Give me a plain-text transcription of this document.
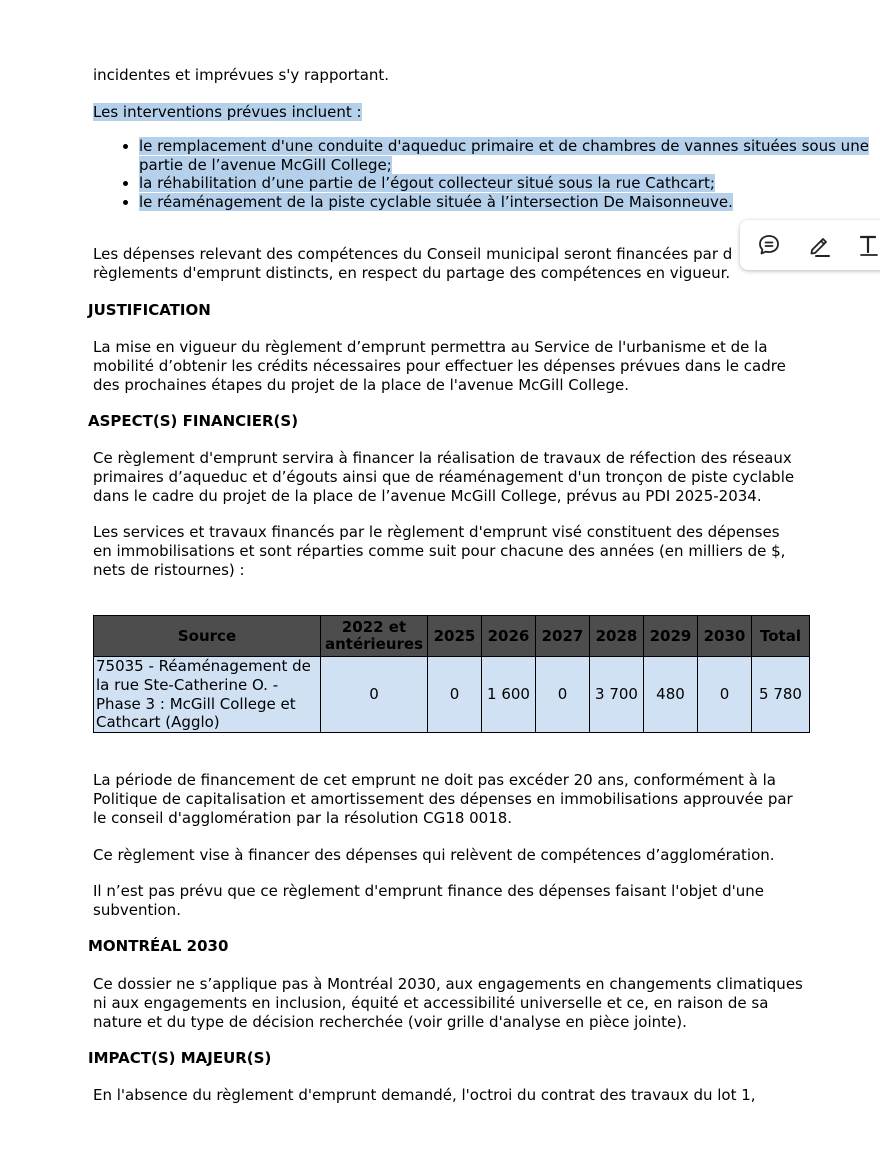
incidentes et imprévues s'y rapportant.

Les interventions prévues incluent :

• le remplacement d'une conduite d'aqueduc primaire et de chambres de vannes situées sous une partie de l’avenue McGill College;
• la réhabilitation d’une partie de l’égout collecteur situé sous la rue Cathcart;
• le réaménagement de la piste cyclable située à l’intersection De Maisonneuve.

Les dépenses relevant des compétences du Conseil municipal seront financées par d

règlements d'emprunt distincts, en respect du partage des compétences en vigueur.

JUSTIFICATION

La mise en vigueur du règlement d’emprunt permettra au Service de l'urbanisme et de la

mobilité d’obtenir les crédits nécessaires pour effectuer les dépenses prévues dans le cadre

des prochaines étapes du projet de la place de l'avenue McGill College.

ASPECT(S) FINANCIER(S)

Ce règlement d'emprunt servira à financer la réalisation de travaux de réfection des réseaux

primaires d’aqueduc et d’égouts ainsi que de réaménagement d'un tronçon de piste cyclable

dans le cadre du projet de la place de l’avenue McGill College, prévus au PDI 2025-2034.

Les services et travaux financés par le règlement d'emprunt visé constituent des dépenses

en immobilisations et sont réparties comme suit pour chacune des années (en milliers de $,

nets de ristournes) :

Source	2022 et antérieures	2025	2026	2027	2028	2029	2030	Total
75035 - Réaménagement de la rue Ste-Catherine O. - Phase 3 : McGill College et Cathcart (Agglo)	0	0	1 600	0	3 700	480	0	5 780

La période de financement de cet emprunt ne doit pas excéder 20 ans, conformément à la

Politique de capitalisation et amortissement des dépenses en immobilisations approuvée par

le conseil d'agglomération par la résolution CG18 0018.

Ce règlement vise à financer des dépenses qui relèvent de compétences d’agglomération.

Il n’est pas prévu que ce règlement d'emprunt finance des dépenses faisant l'objet d'une

subvention.

MONTRÉAL 2030

Ce dossier ne s’applique pas à Montréal 2030, aux engagements en changements climatiques

ni aux engagements en inclusion, équité et accessibilité universelle et ce, en raison de sa

nature et du type de décision recherchée (voir grille d'analyse en pièce jointe).

IMPACT(S) MAJEUR(S)

En l'absence du règlement d'emprunt demandé, l'octroi du contrat des travaux du lot 1,
